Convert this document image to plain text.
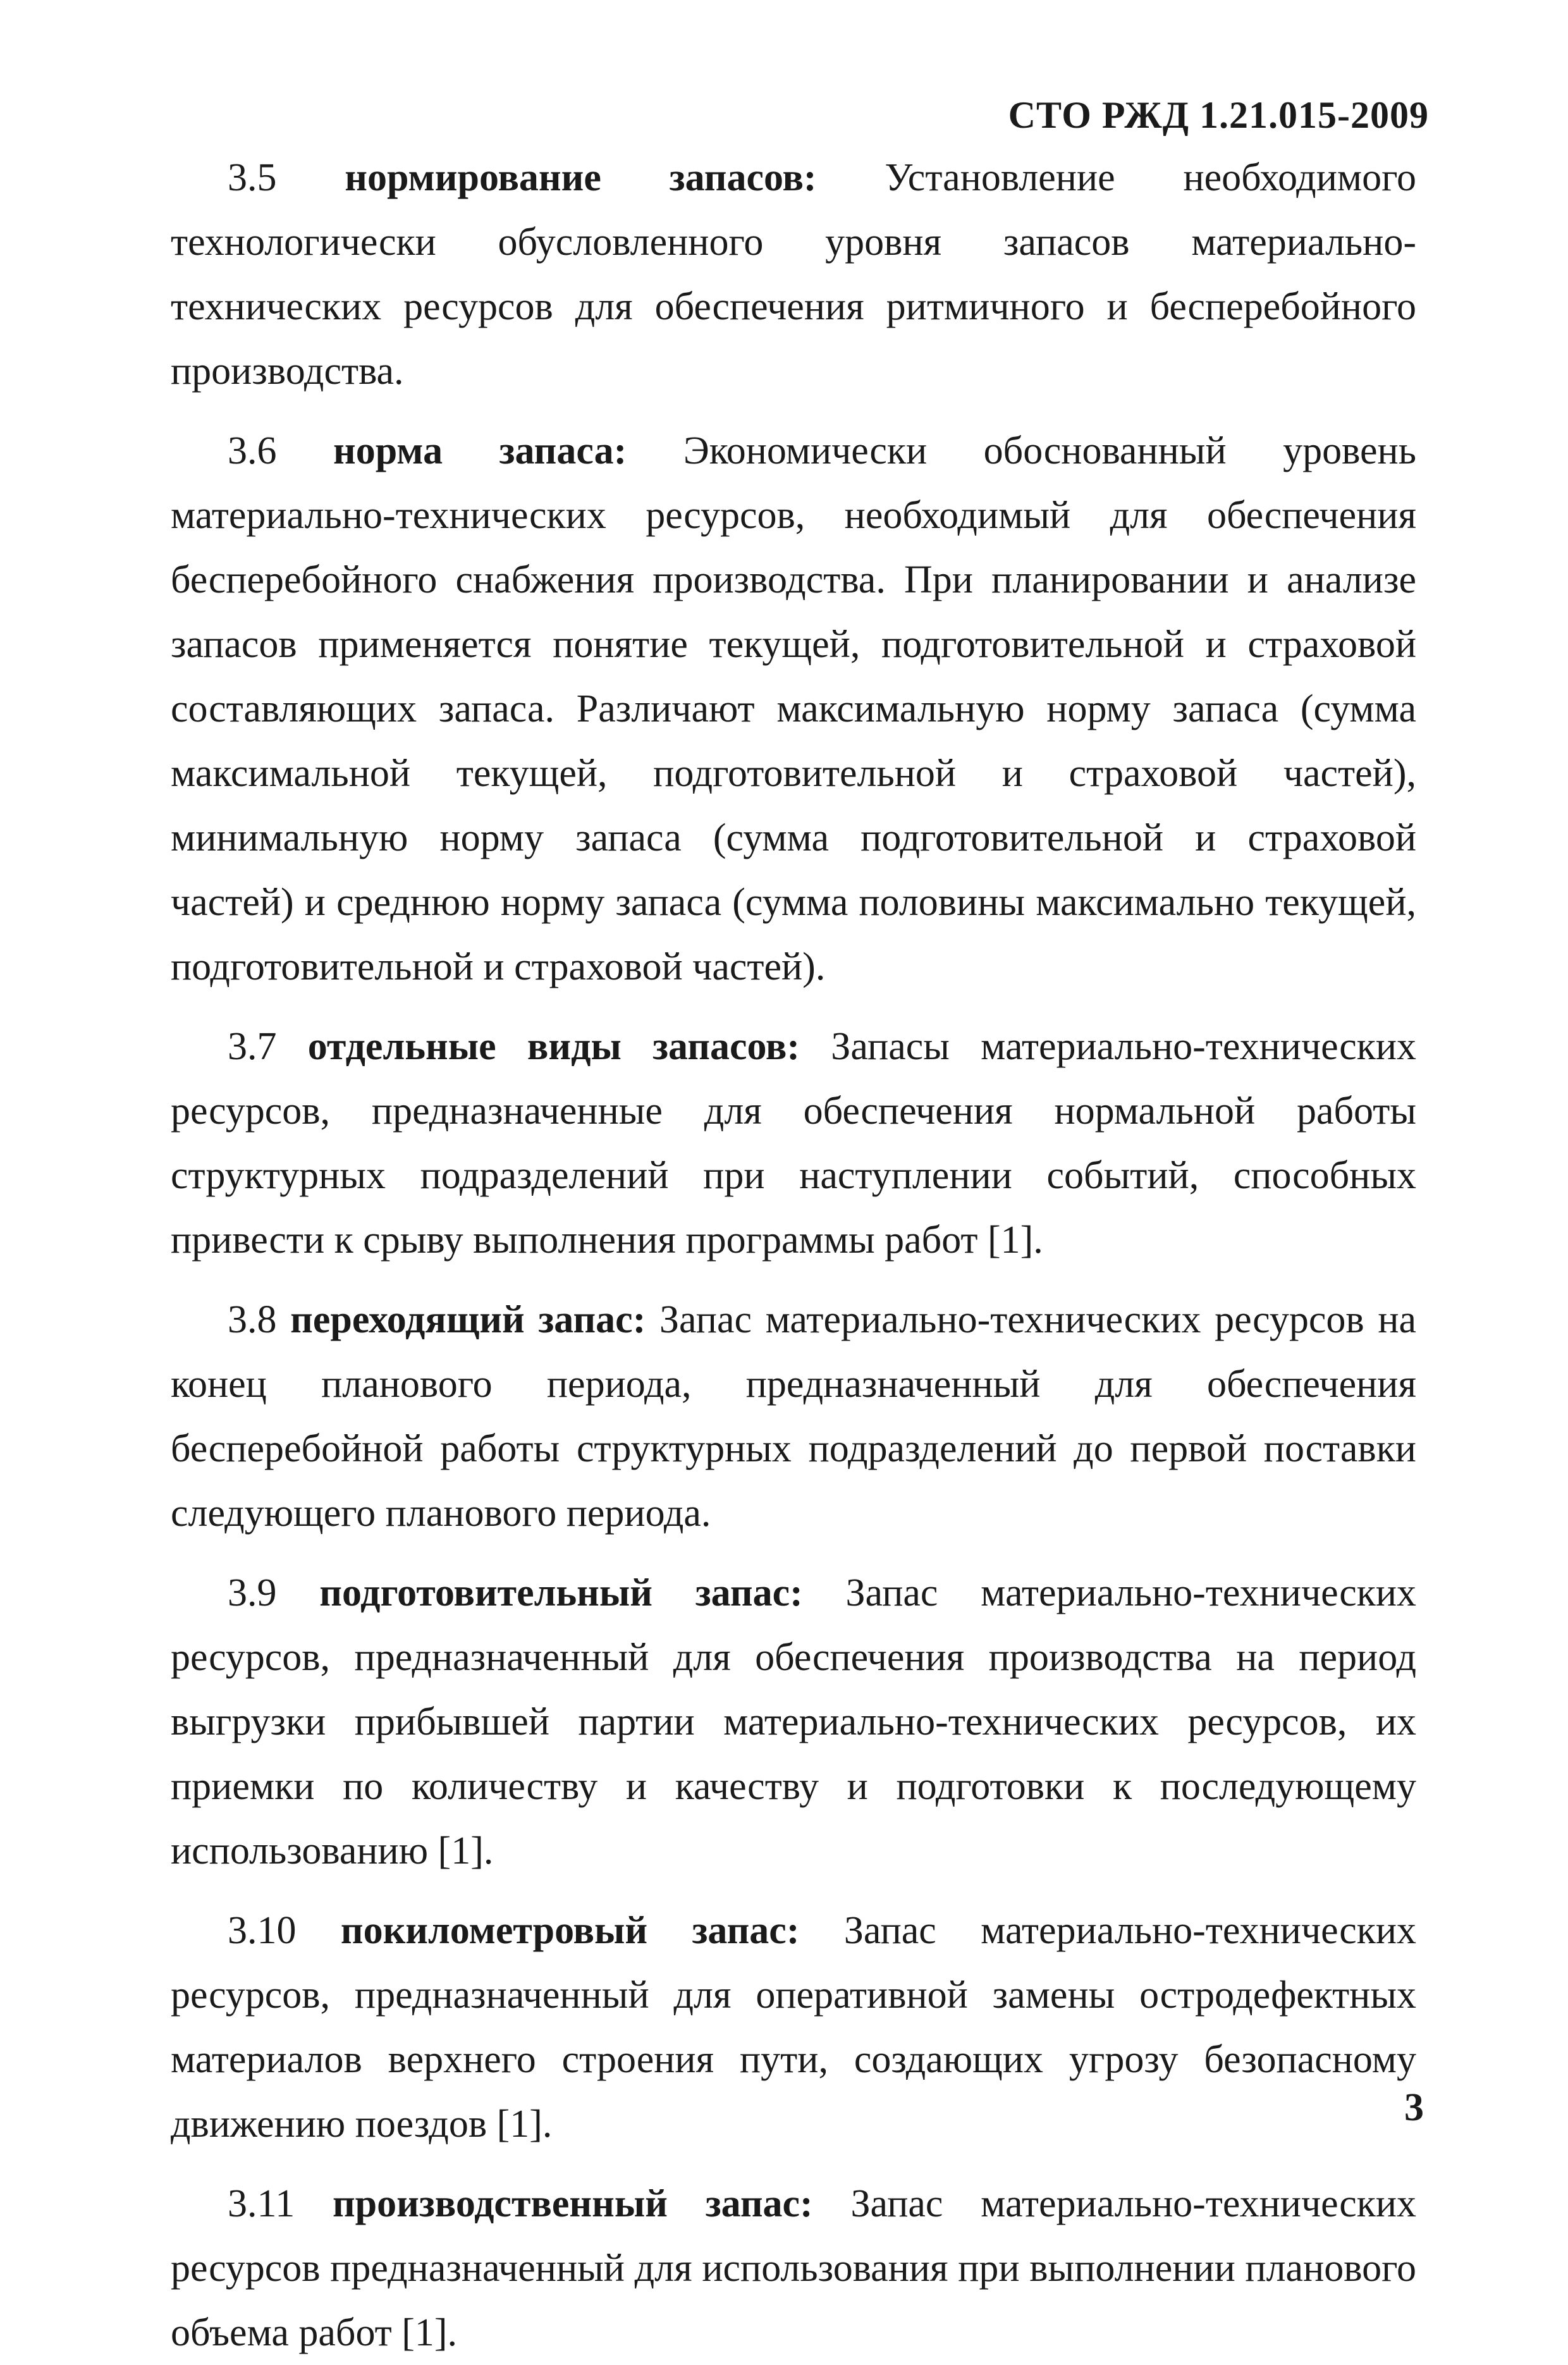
СТО РЖД 1.21.015-2009

3.5 нормирование запасов: Установление необходимого технологически обусловленного уровня запасов материально-технических ресурсов для обеспечения ритмичного и бесперебойного производства.

3.6 норма запаса: Экономически обоснованный уровень материально-технических ресурсов, необходимый для обеспечения бесперебойного снабжения производства. При планировании и анализе запасов применяется понятие текущей, подготовительной и страховой составляющих запаса. Различают максимальную норму запаса (сумма максимальной текущей, подготовительной и страховой частей), минимальную норму запаса (сумма подготовительной и страховой частей) и среднюю норму запаса (сумма половины максимально текущей, подготовительной и страховой частей).

3.7 отдельные виды запасов: Запасы материально-технических ресурсов, предназначенные для обеспечения нормальной работы структурных подразделений при наступлении событий, способных привести к срыву выполнения программы работ [1].

3.8 переходящий запас: Запас материально-технических ресурсов на конец планового периода, предназначенный для обеспечения бесперебойной работы структурных подразделений до первой поставки следующего планового периода.

3.9 подготовительный запас: Запас материально-технических ресурсов, предназначенный для обеспечения производства на период выгрузки прибывшей партии материально-технических ресурсов, их приемки по количеству и качеству и подготовки к последующему использованию [1].

3.10 покилометровый запас: Запас материально-технических ресурсов, предназначенный для оперативной замены остродефектных материалов верхнего строения пути, создающих угрозу безопасному движению поездов [1].

3.11 производственный запас: Запас материально-технических ресурсов предназначенный для использования при выполнении планового объема работ [1].

3
